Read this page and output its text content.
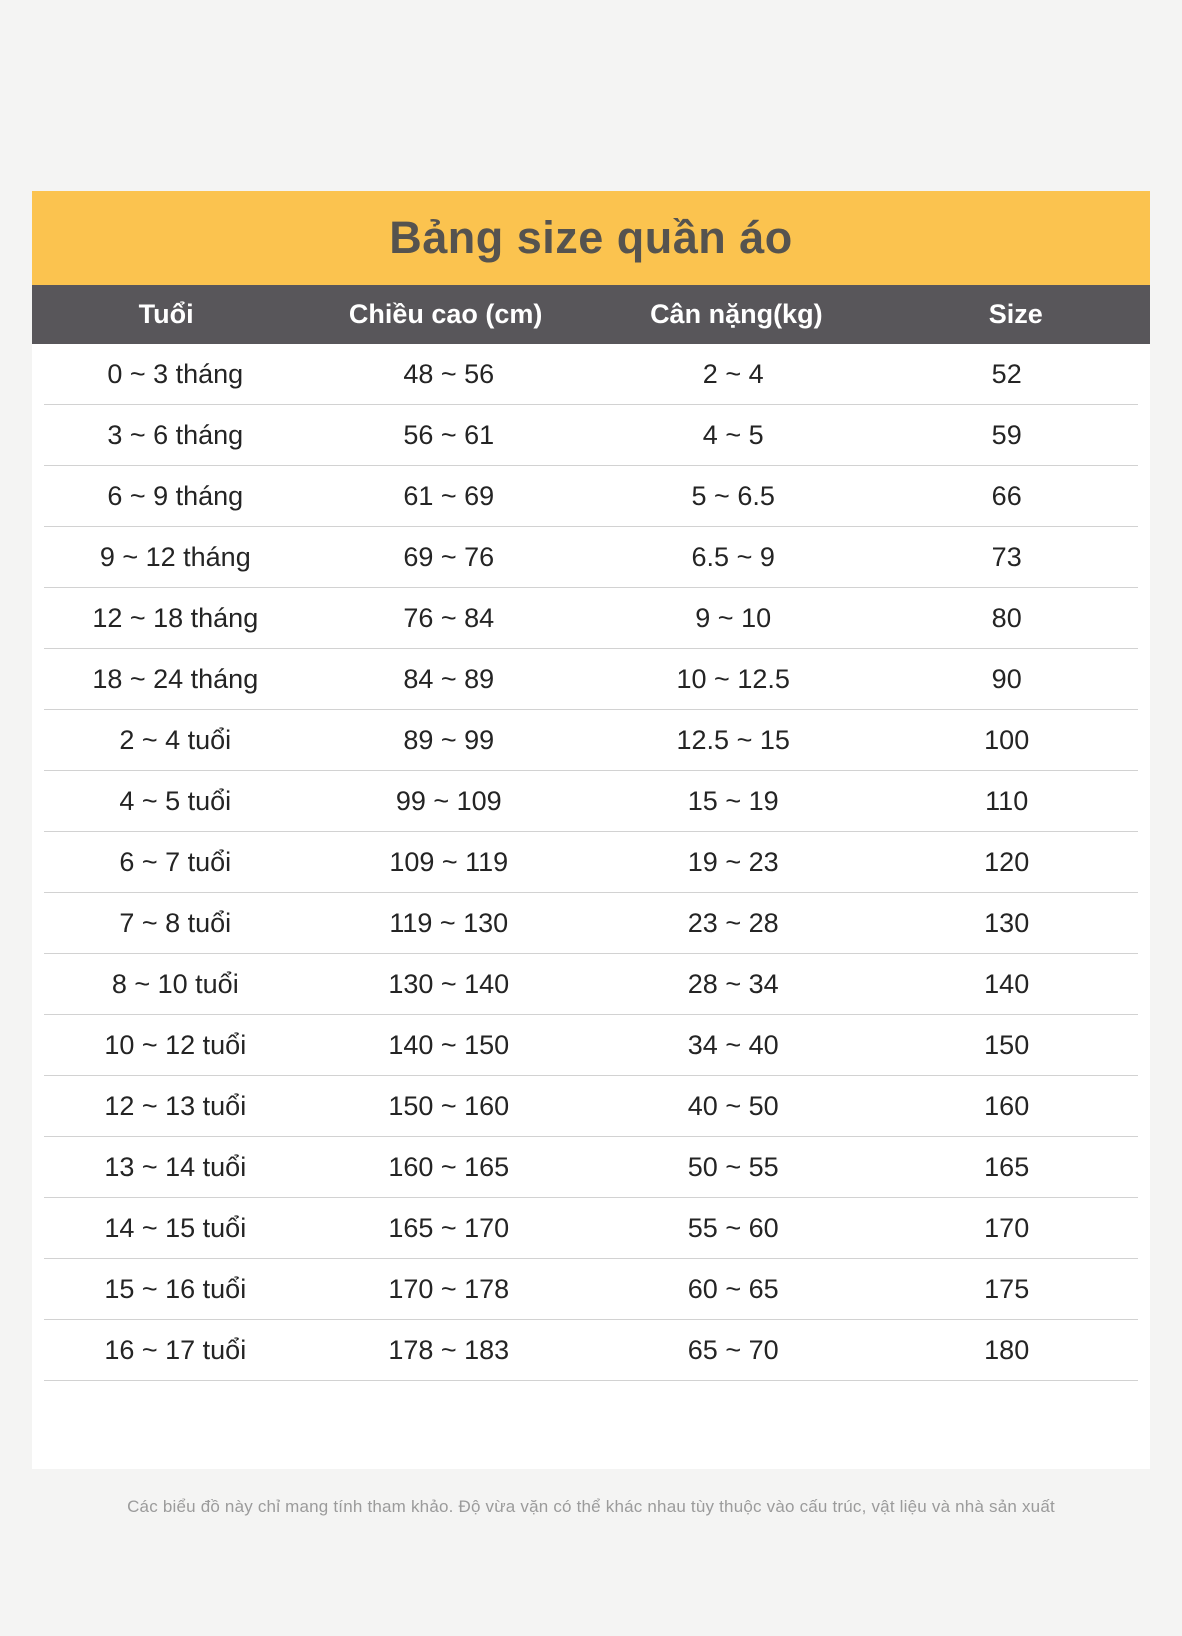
Bảng size quần áo
Tuổi	Chiều cao (cm)	Cân nặng(kg)	Size
0 ~ 3 tháng	48 ~ 56	2 ~ 4	52
3 ~ 6 tháng	56 ~ 61	4 ~ 5	59
6 ~ 9 tháng	61 ~ 69	5 ~ 6.5	66
9 ~ 12 tháng	69 ~ 76	6.5 ~ 9	73
12 ~ 18 tháng	76 ~ 84	9 ~ 10	80
18 ~ 24 tháng	84 ~ 89	10 ~ 12.5	90
2 ~ 4 tuổi	89 ~ 99	12.5 ~ 15	100
4 ~ 5 tuổi	99 ~ 109	15 ~ 19	110
6 ~ 7 tuổi	109 ~ 119	19 ~ 23	120
7 ~ 8 tuổi	119 ~ 130	23 ~ 28	130
8 ~ 10 tuổi	130 ~ 140	28 ~ 34	140
10 ~ 12 tuổi	140 ~ 150	34 ~ 40	150
12 ~ 13 tuổi	150 ~ 160	40 ~ 50	160
13 ~ 14 tuổi	160 ~ 165	50 ~ 55	165
14 ~ 15 tuổi	165 ~ 170	55 ~ 60	170
15 ~ 16 tuổi	170 ~ 178	60 ~ 65	175
16 ~ 17 tuổi	178 ~ 183	65 ~ 70	180
Các biểu đồ này chỉ mang tính tham khảo. Độ vừa vặn có thể khác nhau tùy thuộc vào cấu trúc, vật liệu và nhà sản xuất
